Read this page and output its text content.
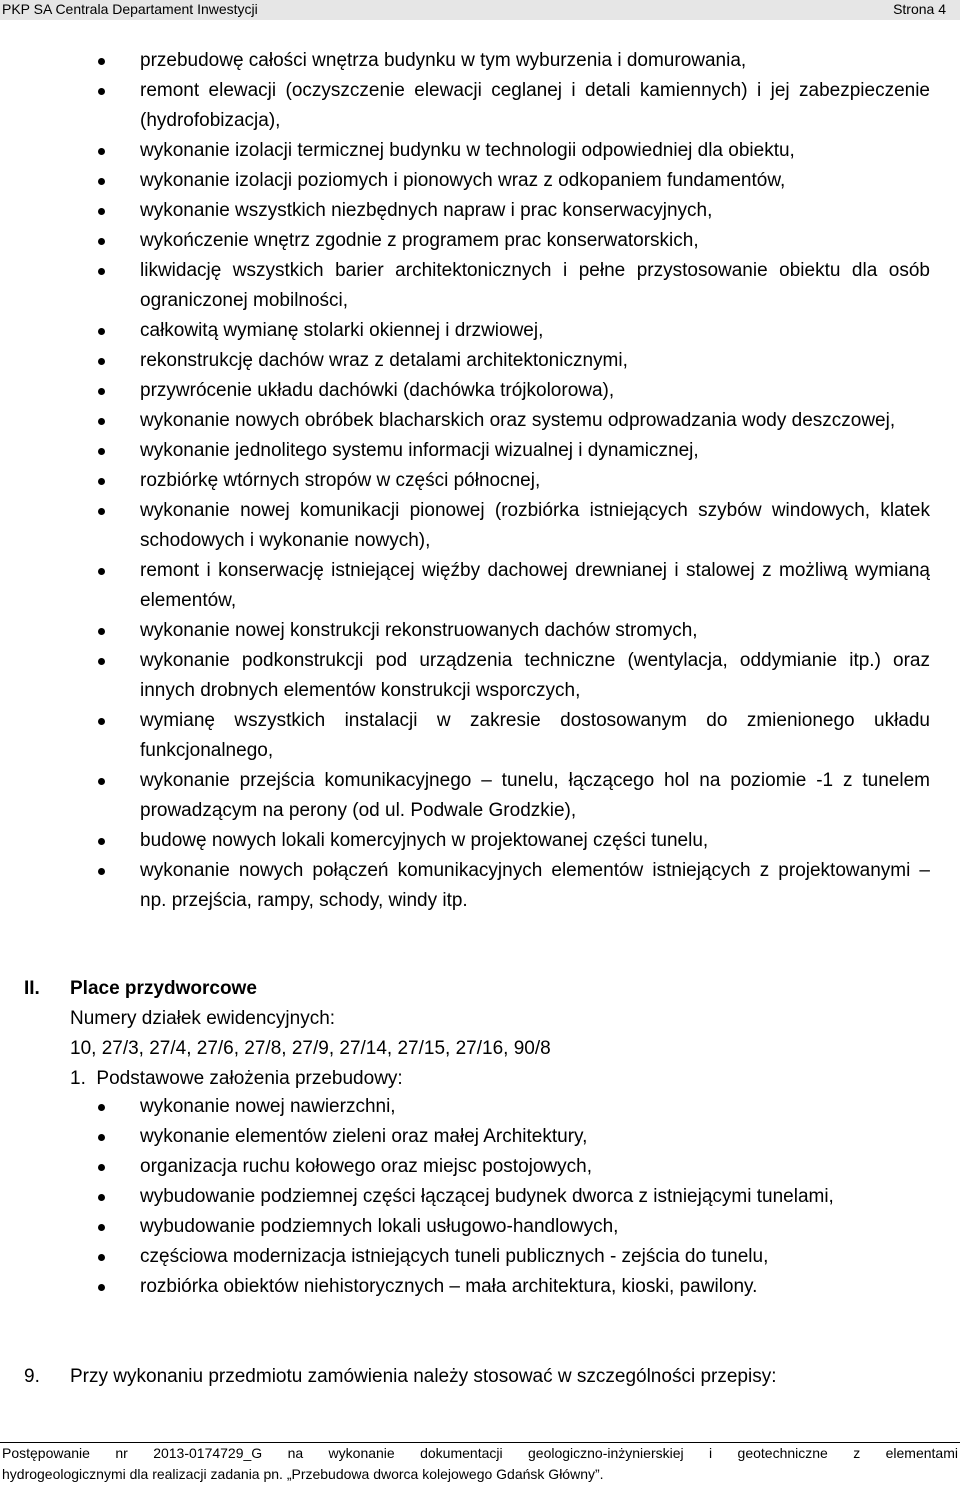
PKP SA Centrala Departament Inwestycji	Strona 4
przebudowę całości wnętrza budynku w tym wyburzenia i domurowania,
remont elewacji (oczyszczenie elewacji ceglanej i detali kamiennych) i jej zabezpieczenie (hydrofobizacja),
wykonanie izolacji termicznej budynku w technologii odpowiedniej dla obiektu,
wykonanie izolacji poziomych i pionowych wraz z odkopaniem fundamentów,
wykonanie wszystkich niezbędnych napraw i prac konserwacyjnych,
wykończenie wnętrz zgodnie z programem prac konserwatorskich,
likwidację wszystkich barier architektonicznych i pełne przystosowanie obiektu dla osób ograniczonej mobilności,
całkowitą wymianę stolarki okiennej i drzwiowej,
rekonstrukcję dachów wraz z detalami architektonicznymi,
przywrócenie układu dachówki (dachówka trójkolorowa),
wykonanie nowych obróbek blacharskich oraz systemu odprowadzania wody deszczowej,
wykonanie jednolitego systemu informacji wizualnej i dynamicznej,
rozbiórkę wtórnych stropów w części północnej,
wykonanie nowej komunikacji pionowej (rozbiórka istniejących szybów windowych, klatek schodowych i wykonanie nowych),
remont i konserwację istniejącej więźby dachowej drewnianej i stalowej z możliwą wymianą elementów,
wykonanie nowej konstrukcji rekonstruowanych dachów stromych,
wykonanie podkonstrukcji pod urządzenia techniczne (wentylacja, oddymianie itp.) oraz innych drobnych elementów konstrukcji wsporczych,
wymianę wszystkich instalacji w zakresie dostosowanym do zmienionego układu funkcjonalnego,
wykonanie przejścia komunikacyjnego – tunelu, łączącego hol na poziomie -1 z tunelem prowadzącym na perony (od ul. Podwale Grodzkie),
budowę nowych lokali komercyjnych w projektowanej części tunelu,
wykonanie nowych połączeń komunikacyjnych elementów istniejących z projektowanymi – np. przejścia, rampy, schody, windy itp.
II. Place przydworcowe
Numery działek ewidencyjnych:
10, 27/3, 27/4, 27/6, 27/8, 27/9, 27/14, 27/15, 27/16, 90/8
1.  Podstawowe założenia przebudowy:
wykonanie nowej nawierzchni,
wykonanie elementów zieleni oraz małej Architektury,
organizacja ruchu kołowego oraz miejsc postojowych,
wybudowanie podziemnej części łączącej budynek dworca z istniejącymi tunelami,
wybudowanie podziemnych lokali usługowo-handlowych,
częściowa modernizacja istniejących tuneli publicznych - zejścia do tunelu,
rozbiórka obiektów niehistorycznych – mała architektura, kioski, pawilony.
9. Przy wykonaniu przedmiotu zamówienia należy stosować w szczególności przepisy:
Postępowanie nr 2013-0174729_G na wykonanie dokumentacji geologiczno-inżynierskiej i geotechniczne z elementami
hydrogeologicznymi dla realizacji zadania pn. „Przebudowa dworca kolejowego Gdańsk Główny”.
